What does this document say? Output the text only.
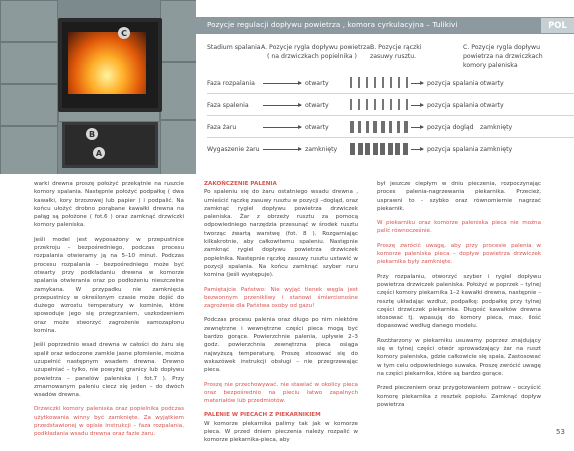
C
B
A
Pozycje regulacji dopływu powietrza , komora cyrkulacyjna – Tulikivi	POL
Stadium spalania A. Pozycje rygla dopływu powietrza
( na drzwiczkach popielnika )
B. Pozycje rączki
zasuwy rusztu.
C. Pozycje rygla dopływu
powietrza na drzwiczkach
komory paleniskа
Faza rozpalania	otwarty	pozycja spalania otwarty
Faza spalenia	otwarty	pozycja spalania otwarty
Faza żaru	otwarty	pozycja dogląd zamknięty
Wygaszenie żaru	zamknięty	pozycja spalania zamknięty

warki drewna proszę położyć przekątnie na ruszcie komory spalania. Następnie położyć podpałkę ( dwa kawałki, kory brzozowej lub papier ) i podpalić. Na końcu ułożyć drobno porąbane kawałki drewna na pałąg są położone ( fot.6 ) oraz zamknąć drzwiczki komory paleniska.

Jeśli model jest wyposażony w przepustnice przekroju – bezpośredniego, podczas procesu rozpalania otwieramy ją na 5–10 minut. Podczas procesu rozpalania – bezpośredniego może być otwarty przy podkładaniu drewna w komorze spalania otwierania oraz po podłożeniu nieszczelne zamykana. W przypadku nie zamknięcia przepustnicy w określonym czasie może dojść do dużego wzrostu temperatury w kominie, które spowoduje jego się przegrzaniem, uszkodzeniem oraz może stworzyć zagrożenie samozapłonu komina.

Jeśli poprzednio wsad drewna w całości do żaru się spalił oraz wdoczone zamkle jasne płomienie, można uzupełnić następnym wsadem drewna. Drewno uzupełniać – tylko, nie powyżej granicy lub dopływu powietrza – panelów paleniska ( fot.7 ). Przy zmarnowanym paleniu ciecz się jeden – do dwóch wsadów drewna.

Drzwiczki komory paleniska oraz popielnika podczas użytkowania winny być zamknięte. Za wyjątkiem przedstawionej w opisie instrukcji – faza rozpalania, podkładania wsadu drewna oraz fazie żaru.

ZAKOŃCZENIE PALENIA

Po spaleniu się do żaru ostatniego wsadu drewna , umieścić rączkę zasuwy rusztu w pozycji –dogląd, oraz zamknąć rygiel dopływu powietrza drzwiczek paleniska. Żar z obrzeży rusztu za pomocą odpowiedniego narzędzia przesunąć w środek rusztu tworząc żwartą warstwę (fot. 8 ). Rozgarniając kilkakrotnie, aby całkowitemu spaleniu. Następnie zamknąć rygiel dopływu powietrza drzwiczek popielnika. Następnie rączkę zasuwy rusztu ustawić w pozycji spalania. Na końcu zamknąć szyber ruru komina (jeśli występuje).

Pamiętajcie Państwo: Nie wyjąć tlenek węgla jest bezwonnym przenikliwy i stanowi śmiercionośne zagrożenie dla Państwa osoby od gazu!

Podczas procesu palenia oraz długo po nim niektóre zewnętrzne i wewnętrzne części pieca mogą być bardzo gorące. Powierzchnie palenia, upływie 2–3 godz. powierzchnia zewnętrzna pieca osiąga najwyższą temperaturę. Proszę stosować się do wskazówek instrukcji obsługi – nie przegrzewając pieca.

Proszę nie przechowywać, nie stawiać w okolicy pieca oraz bezpośrednio na pieciu łatwo zapalnych materiałów lub przedmiotów.

PALENIE W PIECACH Z PIEKARNIKIEM

W komorze piekarnika palimy tak jak w komorze pieca. W przed dniem pieczenia należy rozpalić w komorze piekarnika-pieca, aby

był jeszcze ciepłym w dniu pieczenia, rozpoczynając proces palenia-nagrzewania piekarnika. Przecież, usprawni to - szybko oraz równomiernie nagrzać piekarnik.

W piekarniku oraz komorze paleniska pieca nie można palić równocześnie.

Proszę zwrócić uwagę, aby przy procesie palenia w komorze paleniska pieca – dopływ powietrza drzwiczek piekarnika były zamknięte.

Przy rozpalaniu, otworzyć szyber i rygiel dopływu powietrza drzwiczek paleniska. Położyć w poprzek – tylnej części komory piekarnika 1–2 kawałki drewna, następnie – resztę układając wzdłuż, podpałkę: podpałkę przy tylnej części drzwiczek piekarnika. Długość kawałków drewna stosować tj. wpasują do komory pieca, max. ilość dopasować według danego modelu.

Rozżżarzony w piekarniku usuwamy poprzez znajdujący się w tylnej części otwór sprowadzający żar na ruszt komory paleniska, gdzie całkowicie się spala. Zastosować w tym celu odpowiedniego suwaka. Proszę zwrócić uwagę na części piekarnika, które są bardzo gorące.

Przed pieczeniem oraz przygotowaniem potraw – oczyścić komorę piekarnika z resztek popiołu. Zamknąć dopływ powietrza

53
